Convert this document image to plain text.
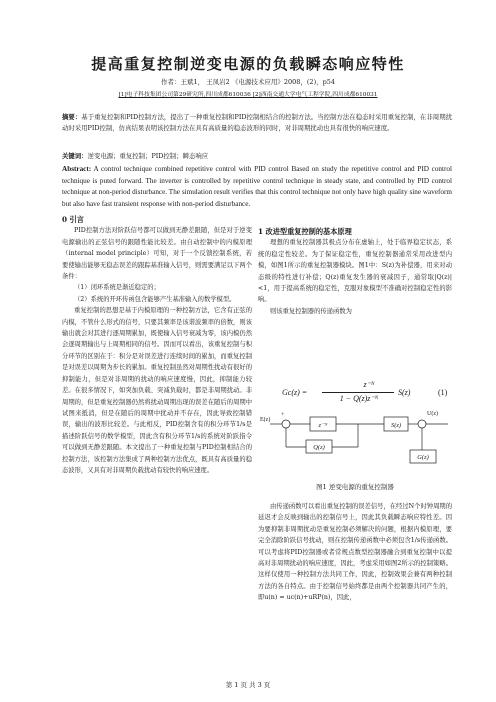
提高重复控制逆变电源的负载瞬态响应特性
作者：王斌1， 王凤岩2 《电源技术应用》2008，(2)，p54
[1]电子科技集团公司第29研究所,四川成都610036 [2]西南交通大学电气工程学院,四川成都610031
摘要：基于重复控制和PID控制方法，提出了一种重复控制和PID控制相结合的控制方法。当控制方法在稳态时采用重复控制，在非周期扰动时采用PID控制，仿真结果表明该控制方法在具有高质量的稳态波形的同时，对非周期扰动也具有很快的响应速度。
关键词：逆变电源；重复控制；PID控制；瞬态响应
Abstract: A control technique combined repetitive control with PID control Based on study the repetitive control and PID control technique is puted forward. The inverter is controlled by repetitive control technique in steady state, and controlled by PID control technique at non-period disturbance. The simulation result verifies that this control technique not only have high quality sine waveform but also have fast transient response with non-period disturbance.

0 引言

PID控制方法对阶跃信号都可以做到无静差跟随，但是对于逆变电源输出的正弦信号的跟随性能比较差。由自动控制中的内模原理（internal model principle）可知，对于一个反馈控制系统，若要使输出能够无稳态误差的跟踪基准输入信号，则需要满足以下两个条件：

（1）闭环系统是渐近稳定的；

（2）系统的开环传函包含能够产生基准输入的数学模型。

重复控制的思想是基于内模原理的一种控制方法，它含有正弦的内模，不管什么形式的信号，只要其频率是该谐波频率的倍数，则该输出就会对其进行逐周期累加，既使输入信号衰减为零，该内模仍然会逐周期输出与上周期相同的信号。因而可以看出，该重复控制与积分环节的区别在于：积分是对误差进行连续时间的累加，而重复控制是对误差以周期为步长的累加。重复控制虽然对周期性扰动有很好的抑制能力，但是对非周期的扰动的响应速度慢，因此，抑制能力较差。在很多情况下，如突加负载、突减负载时，都是非周期扰动。非周期的，但是重复控制器仍然将扰动周期出现的误差在随后的周期中试图来抵消，但是在随后的周期中扰动并不存在，因此导致控制错误，输出的波形比较差。与此相反，PID控制含有的积分环节1/s是描述阶跃信号的数学模型，因此含有积分环节1/s的系统对阶跃指令可以做到无静差跟随。本文提出了一种重复控制与PID控制相结合的控制方法，该控制方法集成了两种控制方法优点，既具有高质量的稳态波形，又具有对非周期负载扰动有较快的响应速度。

1 改进型重复控制的基本原理

理想的重复控制器其极点分布在虚轴上，处于临界稳定状态，系统的稳定性较差。为了保证稳定性，重复控制器通常采用改进型内模，如图1所示的重复控制器模块。图1中：S(z)为补偿器，用来对动态级的特性进行补偿；Q(z)重复发生器的衰减因子，通常取|Q(z)|<1，用于提高系统的稳定性，克服对象模型不准确对控制稳定性的影响。

则该重复控制器的传递函数为

Gc(z) =
z⁻ᴺ
1 − Q(z)z⁻ᴺ
S(z)	(1)
E(z)
+	U(z)
z⁻ᴺ	S(z)
Q(z)
G(z)
图1 逆变电源的重复控制器

由传递函数可以看出重复控制的误差信号，在经过N个时钟周期的延迟才会反映到输出的控制信号上，因此其负载瞬态响应特性差。因为要抑制非周期扰动是重复控制必须解决的问题，根据内模原理，要完全消除阶跃信号扰动，则在控制传递函数中必须包含1/s传递函数。可以考虑将PID控制器或者常规点数型控制器融合到重复控制中以提高对非周期扰动的响应速度，因此，考虑采用如图2所示的控制策略。这样仅使用一种控制方法共同工作，因此，控制效果会兼有两种控制方法的各自特点。由于控制信号始终都是由两个控制器共同产生的，即u(n) = uc(n)+uRP(n)，因此，

第 1 页 共 3 页
